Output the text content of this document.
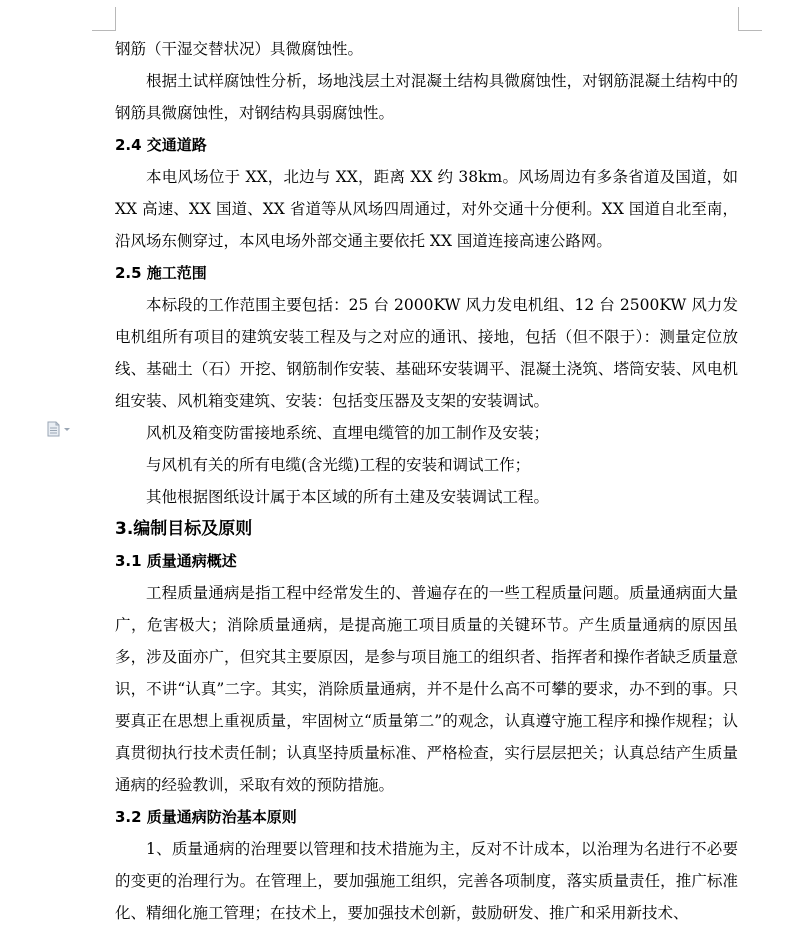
钢筋（干湿交替状况）具微腐蚀性。

根据土试样腐蚀性分析，场地浅层土对混凝土结构具微腐蚀性，对钢筋混凝土结构中的钢筋具微腐蚀性，对钢结构具弱腐蚀性。

2.4 交通道路

本电风场位于 XX，北边与 XX，距离 XX 约 38km。风场周边有多条省道及国道，如 XX 高速、XX 国道、XX 省道等从风场四周通过，对外交通十分便利。XX 国道自北至南，沿风场东侧穿过，本风电场外部交通主要依托 XX 国道连接高速公路网。

2.5 施工范围

本标段的工作范围主要包括：25 台 2000KW 风力发电机组、12 台 2500KW 风力发电机组所有项目的建筑安装工程及与之对应的通讯、接地，包括（但不限于）：测量定位放线、基础土（石）开挖、钢筋制作安装、基础环安装调平、混凝土浇筑、塔筒安装、风电机组安装、风机箱变建筑、安装：包括变压器及支架的安装调试。

风机及箱变防雷接地系统、直埋电缆管的加工制作及安装；

与风机有关的所有电缆(含光缆)工程的安装和调试工作；

其他根据图纸设计属于本区域的所有土建及安装调试工程。

3.编制目标及原则

3.1 质量通病概述

工程质量通病是指工程中经常发生的、普遍存在的一些工程质量问题。质量通病面大量广，危害极大；消除质量通病，是提高施工项目质量的关键环节。产生质量通病的原因虽多，涉及面亦广，但究其主要原因，是参与项目施工的组织者、指挥者和操作者缺乏质量意识，不讲“认真”二字。其实，消除质量通病，并不是什么高不可攀的要求，办不到的事。只要真正在思想上重视质量，牢固树立“质量第二”的观念，认真遵守施工程序和操作规程；认真贯彻执行技术责任制；认真坚持质量标准、严格检查，实行层层把关；认真总结产生质量通病的经验教训，采取有效的预防措施。

3.2 质量通病防治基本原则

1、质量通病的治理要以管理和技术措施为主，反对不计成本，以治理为名进行不必要的变更的治理行为。在管理上，要加强施工组织，完善各项制度，落实质量责任，推广标准化、精细化施工管理；在技术上，要加强技术创新，鼓励研发、推广和采用新技术、
